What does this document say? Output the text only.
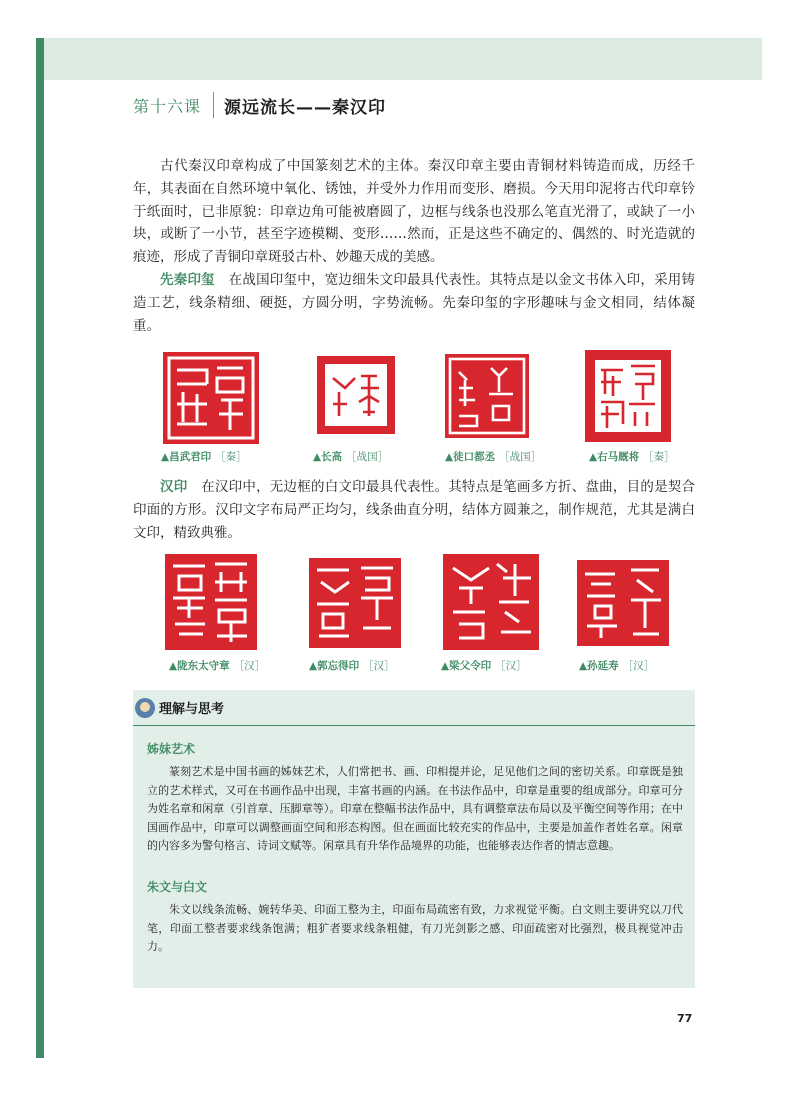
第十六课 源远流长——秦汉印

古代秦汉印章构成了中国篆刻艺术的主体。秦汉印章主要由青铜材料铸造而成，历经千年，其表面在自然环境中氧化、锈蚀，并受外力作用而变形、磨损。今天用印泥将古代印章钤于纸面时，已非原貌：印章边角可能被磨圆了，边框与线条也没那么笔直光滑了，或缺了一小块，或断了一小节，甚至字迹模糊、变形……然而，正是这些不确定的、偶然的、时光造就的痕迹，形成了青铜印章斑驳古朴、妙趣天成的美感。

先秦印玺　 在战国印玺中，宽边细朱文印最具代表性。其特点是以金文书体入印，采用铸造工艺，线条精细、硬挺，方圆分明，字势流畅。先秦印玺的字形趣味与金文相同，结体凝重。

▲昌武君印 ［秦］	▲长高 ［战国］	▲徒口都丞 ［战国］	▲右马厩将 ［秦］

汉印　 在汉印中，无边框的白文印最具代表性。其特点是笔画多方折、盘曲，目的是契合印面的方形。汉印文字布局严正均匀，线条曲直分明，结体方圆兼之，制作规范，尤其是满白文印，精致典雅。

▲陇东太守章 ［汉］	▲郭忘得印 ［汉］	▲梁父令印 ［汉］	▲孙延寿 ［汉］
理解与思考
姊妹艺术

篆刻艺术是中国书画的姊妹艺术，人们常把书、画、印相提并论，足见他们之间的密切关系。印章既是独立的艺术样式，又可在书画作品中出现，丰富书画的内涵。在书法作品中，印章是重要的组成部分。印章可分为姓名章和闲章（引首章、压脚章等）。印章在整幅书法作品中，具有调整章法布局以及平衡空间等作用；在中国画作品中，印章可以调整画面空间和形态构图。但在画面比较充实的作品中，主要是加盖作者姓名章。闲章的内容多为警句格言、诗词文赋等。闲章具有升华作品境界的功能，也能够表达作者的情志意趣。

朱文与白文

朱文以线条流畅、婉转华美、印面工整为主，印面布局疏密有致，力求视觉平衡。白文则主要讲究以刀代笔，印面工整者要求线条饱满；粗犷者要求线条粗健，有刀光剑影之感、印面疏密对比强烈，极具视觉冲击力。

77
